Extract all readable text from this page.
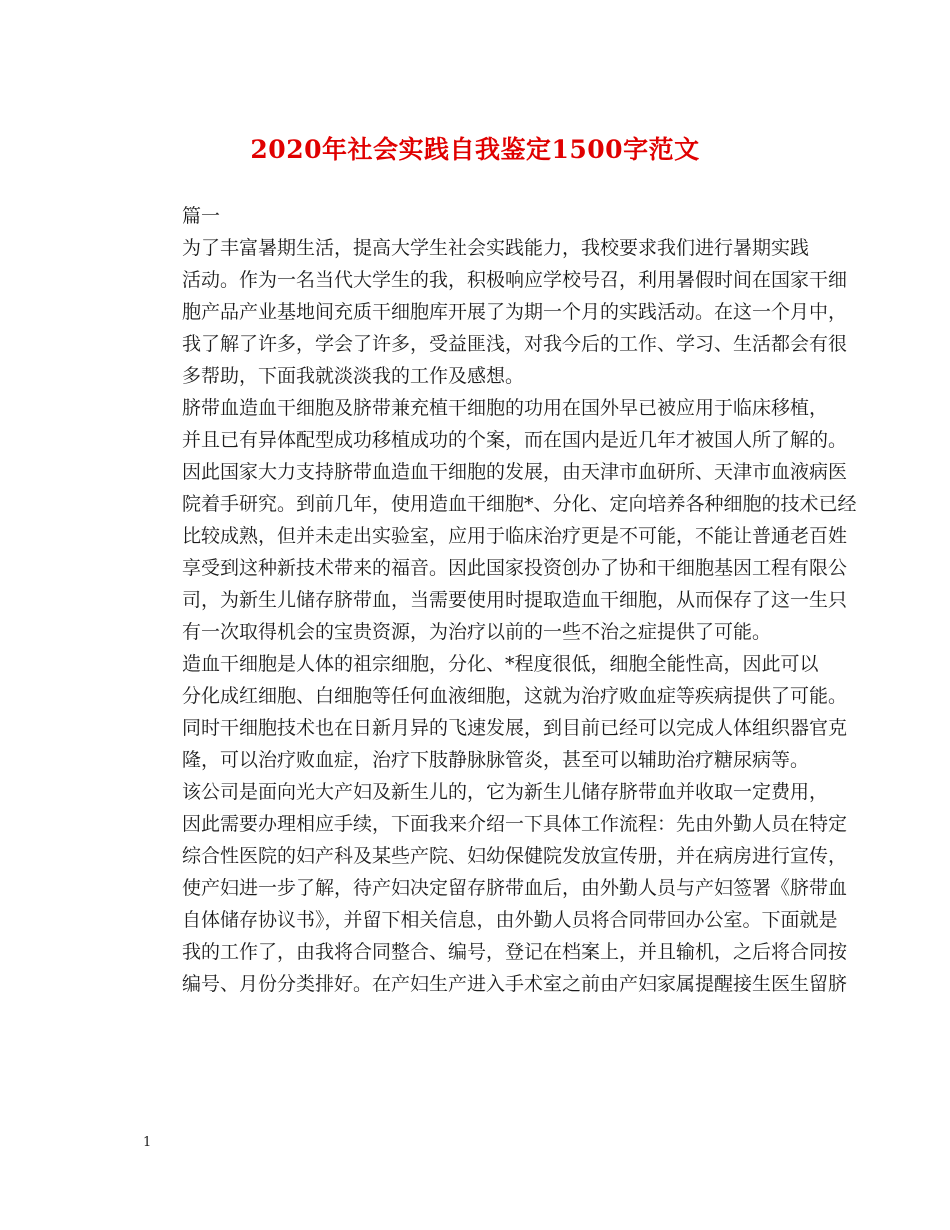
2020年社会实践自我鉴定1500字范文

篇一

为了丰富暑期生活，提高大学生社会实践能力，我校要求我们进行暑期实践
活动。作为一名当代大学生的我，积极响应学校号召，利用暑假时间在国家干细
胞产品产业基地间充质干细胞库开展了为期一个月的实践活动。在这一个月中，
我了解了许多，学会了许多，受益匪浅，对我今后的工作、学习、生活都会有很
多帮助，下面我就淡淡我的工作及感想。

脐带血造血干细胞及脐带兼充植干细胞的功用在国外早已被应用于临床移植，
并且已有异体配型成功移植成功的个案，而在国内是近几年才被国人所了解的。
因此国家大力支持脐带血造血干细胞的发展，由天津市血研所、天津市血液病医
院着手研究。到前几年，使用造血干细胞*、分化、定向培养各种细胞的技术已经
比较成熟，但并未走出实验室，应用于临床治疗更是不可能，不能让普通老百姓
享受到这种新技术带来的福音。因此国家投资创办了协和干细胞基因工程有限公
司，为新生儿储存脐带血，当需要使用时提取造血干细胞，从而保存了这一生只
有一次取得机会的宝贵资源，为治疗以前的一些不治之症提供了可能。

造血干细胞是人体的祖宗细胞，分化、*程度很低，细胞全能性高，因此可以
分化成红细胞、白细胞等任何血液细胞，这就为治疗败血症等疾病提供了可能。
同时干细胞技术也在日新月异的飞速发展，到目前已经可以完成人体组织器官克
隆，可以治疗败血症，治疗下肢静脉脉管炎，甚至可以辅助治疗糖尿病等。

该公司是面向光大产妇及新生儿的，它为新生儿储存脐带血并收取一定费用，
因此需要办理相应手续，下面我来介绍一下具体工作流程：先由外勤人员在特定
综合性医院的妇产科及某些产院、妇幼保健院发放宣传册，并在病房进行宣传，
使产妇进一步了解，待产妇决定留存脐带血后，由外勤人员与产妇签署《脐带血
自体储存协议书》，并留下相关信息，由外勤人员将合同带回办公室。下面就是
我的工作了，由我将合同整合、编号，登记在档案上，并且输机，之后将合同按
编号、月份分类排好。在产妇生产进入手术室之前由产妇家属提醒接生医生留脐

1
